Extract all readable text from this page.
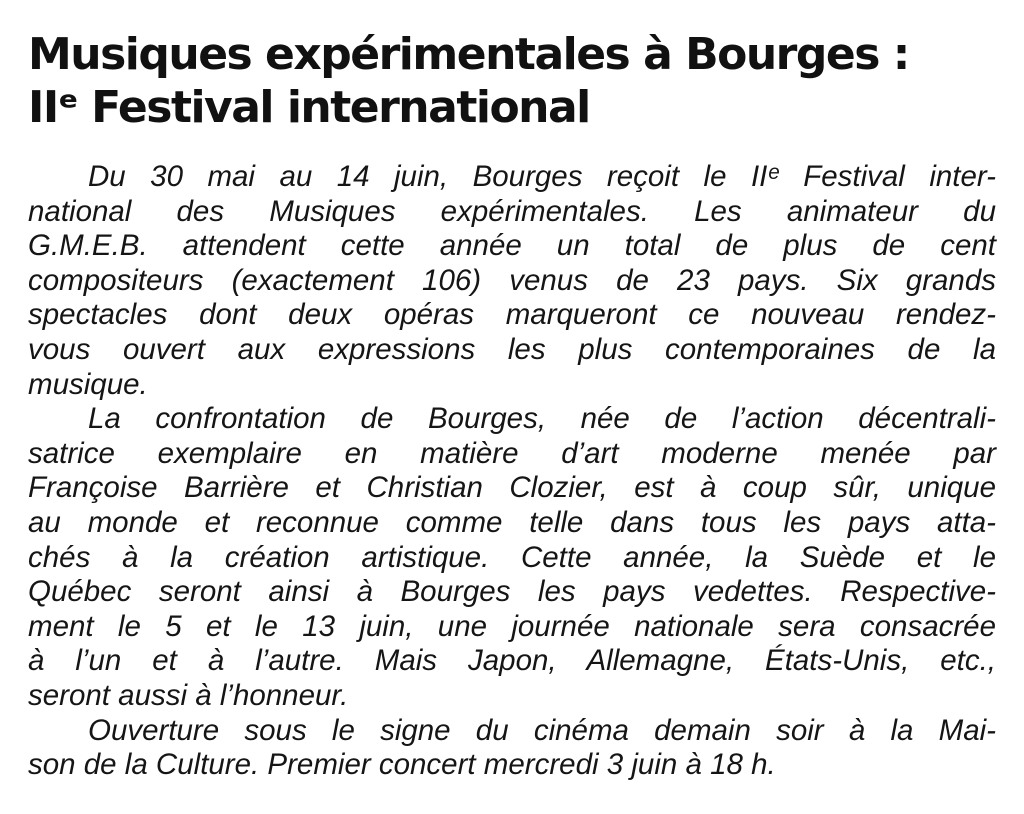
Musiques expérimentales à Bourges :
IIᵉ Festival international
Du 30 mai au 14 juin, Bourges reçoit le IIᵉ Festival inter-
national des Musiques expérimentales. Les animateur du
G.M.E.B. attendent cette année un total de plus de cent
compositeurs (exactement 106) venus de 23 pays. Six grands
spectacles dont deux opéras marqueront ce nouveau rendez-
vous ouvert aux expressions les plus contemporaines de la
musique.
La confrontation de Bourges, née de l’action décentrali-
satrice exemplaire en matière d’art moderne menée par
Françoise Barrière et Christian Clozier, est à coup sûr, unique
au monde et reconnue comme telle dans tous les pays atta-
chés à la création artistique. Cette année, la Suède et le
Québec seront ainsi à Bourges les pays vedettes. Respective-
ment le 5 et le 13 juin, une journée nationale sera consacrée
à l’un et à l’autre. Mais Japon, Allemagne, États-Unis, etc.,
seront aussi à l’honneur.
Ouverture sous le signe du cinéma demain soir à la Mai-
son de la Culture. Premier concert mercredi 3 juin à 18 h.
